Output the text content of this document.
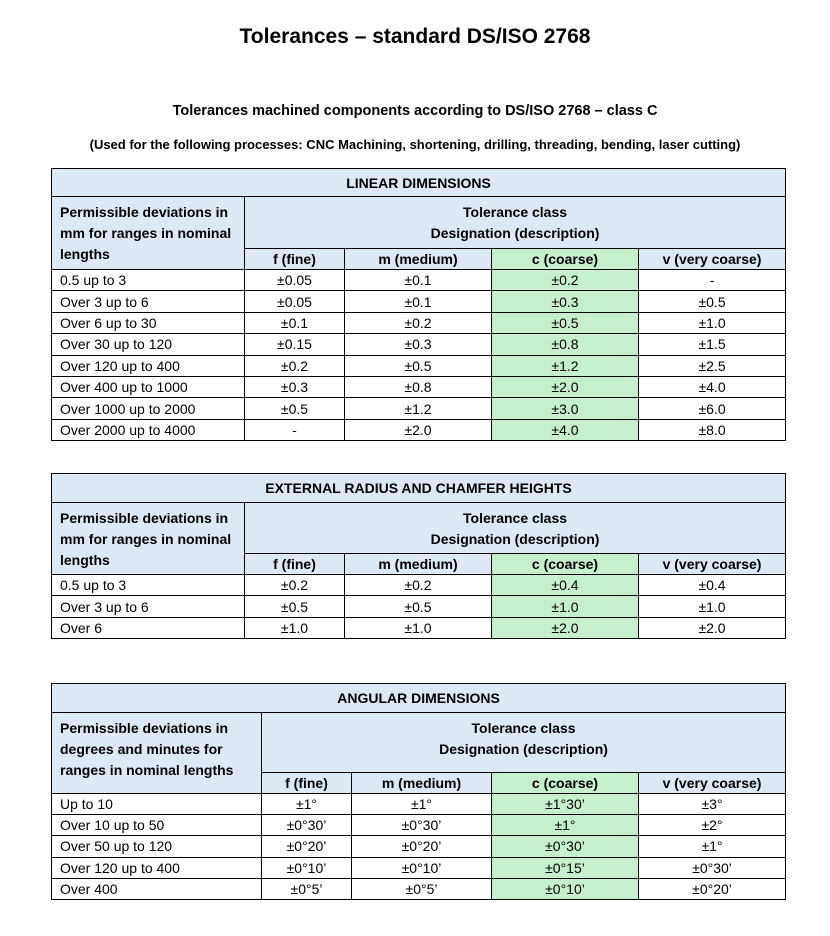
Tolerances – standard DS/ISO 2768
Tolerances machined components according to DS/ISO 2768 – class C
(Used for the following processes: CNC Machining, shortening, drilling, threading, bending, laser cutting)
LINEAR DIMENSIONS				
Permissible deviations in mm for ranges in nominal lengths	Tolerance class
Designation (description)			

	f (fine)	m (medium)	c (coarse)	v (very coarse)
0.5 up to 3	±0.05	±0.1	±0.2	-
Over 3 up to 6	±0.05	±0.1	±0.3	±0.5
Over 6 up to 30	±0.1	±0.2	±0.5	±1.0
Over 30 up to 120	±0.15	±0.3	±0.8	±1.5
Over 120 up to 400	±0.2	±0.5	±1.2	±2.5
Over 400 up to 1000	±0.3	±0.8	±2.0	±4.0
Over 1000 up to 2000	±0.5	±1.2	±3.0	±6.0
Over 2000 up to 4000	-	±2.0	±4.0	±8.0
EXTERNAL RADIUS AND CHAMFER HEIGHTS				
Permissible deviations in mm for ranges in nominal lengths	Tolerance class
Designation (description)			

	f (fine)	m (medium)	c (coarse)	v (very coarse)
0.5 up to 3	±0.2	±0.2	±0.4	±0.4
Over 3 up to 6	±0.5	±0.5	±1.0	±1.0
Over 6	±1.0	±1.0	±2.0	±2.0
ANGULAR DIMENSIONS				
Permissible deviations in degrees and minutes for ranges in nominal lengths	Tolerance class
Designation (description)			

	f (fine)	m (medium)	c (coarse)	v (very coarse)
Up to 10	±1°	±1°	±1°30’	±3°
Over 10 up to 50	±0°30’	±0°30’	±1°	±2°
Over 50 up to 120	±0°20’	±0°20’	±0°30’	±1°
Over 120 up to 400	±0°10’	±0°10’	±0°15’	±0°30’
Over 400	±0°5’	±0°5’	±0°10’	±0°20’
